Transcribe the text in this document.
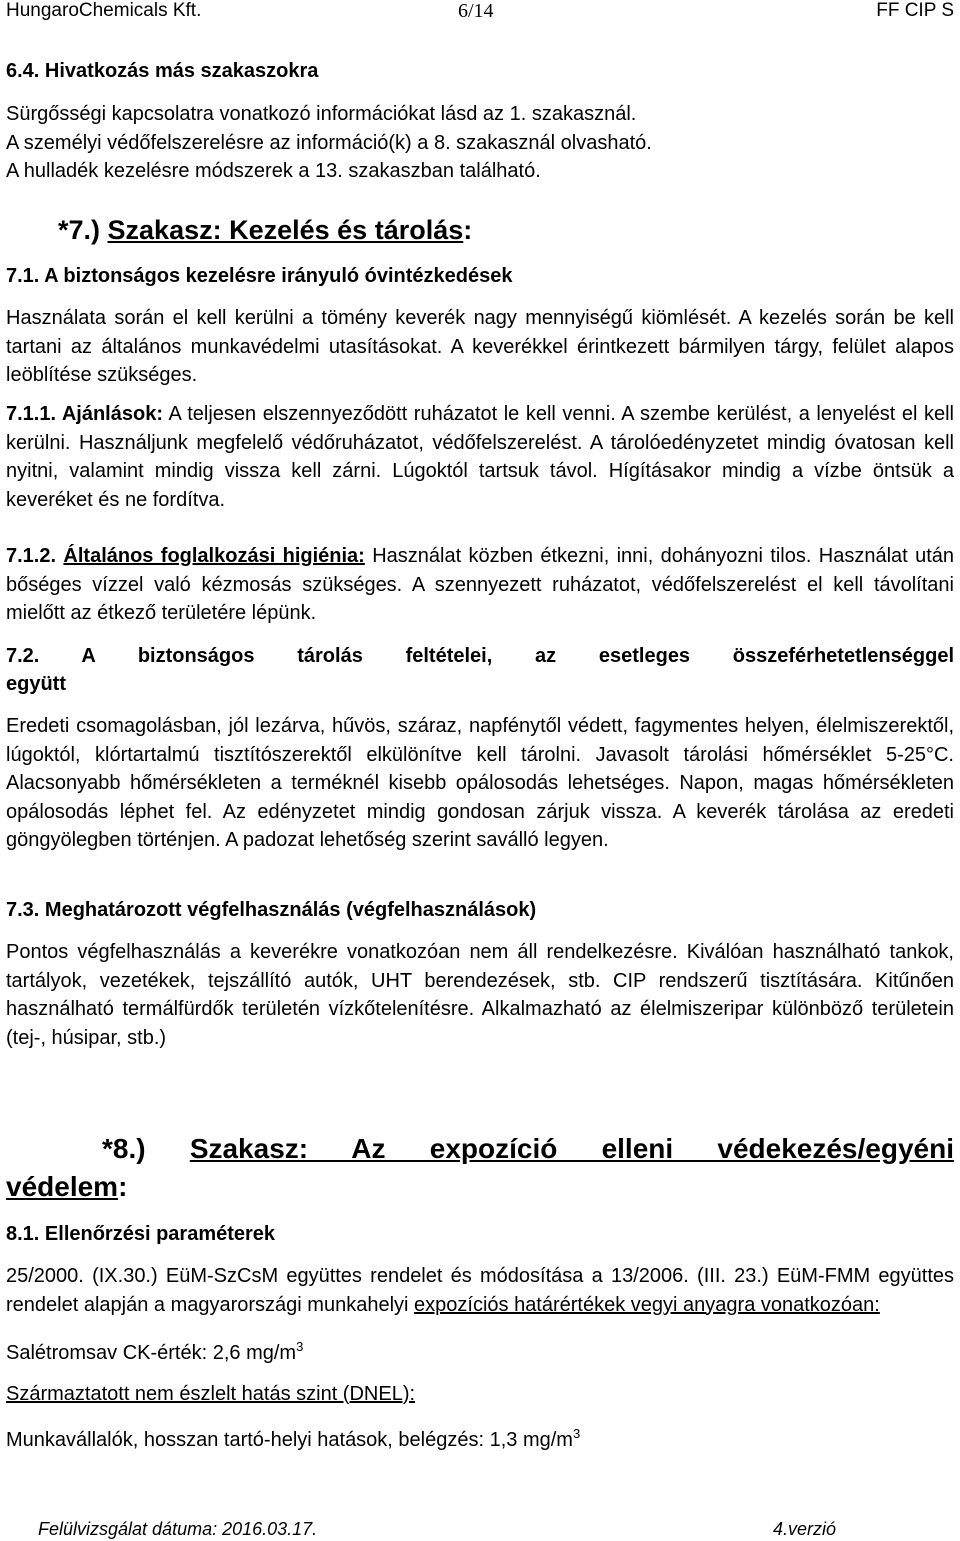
HungaroChemicals Kft.	6/14	FF CIP S

6.4. Hivatkozás más szakaszokra

Sürgősségi kapcsolatra vonatkozó információkat lásd az 1. szakasznál.

A személyi védőfelszerelésre az információ(k) a 8. szakasznál olvasható.

A hulladék kezelésre módszerek a 13. szakaszban található.

*7.) Szakasz: Kezelés és tárolás:

7.1. A biztonságos kezelésre irányuló óvintézkedések

Használata során el kell kerülni a tömény keverék nagy mennyiségű kiömlését. A kezelés során be kell tartani az általános munkavédelmi utasításokat. A keverékkel érintkezett bármilyen tárgy, felület alapos leöblítése szükséges.

7.1.1. Ajánlások: A teljesen elszennyeződött ruházatot le kell venni. A szembe kerülést, a lenyelést el kell kerülni. Használjunk megfelelő védőruházatot, védőfelszerelést. A tárolóedényzetet mindig óvatosan kell nyitni, valamint mindig vissza kell zárni. Lúgoktól tartsuk távol. Hígításakor mindig a vízbe öntsük a keveréket és ne fordítva.

7.1.2. Általános foglalkozási higiénia: Használat közben étkezni, inni, dohányozni tilos. Használat után bőséges vízzel való kézmosás szükséges. A szennyezett ruházatot, védőfelszerelést el kell távolítani mielőtt az étkező területére lépünk.

7.2. A biztonságos tárolás feltételei, az esetleges összeférhetetlenséggel

együtt

Eredeti csomagolásban, jól lezárva, hűvös, száraz, napfénytől védett, fagymentes helyen, élelmiszerektől, lúgoktól, klórtartalmú tisztítószerektől elkülönítve kell tárolni. Javasolt tárolási hőmérséklet 5-25°C. Alacsonyabb hőmérsékleten a terméknél kisebb opálosodás lehetséges. Napon, magas hőmérsékleten opálosodás léphet fel. Az edényzetet mindig gondosan zárjuk vissza. A keverék tárolása az eredeti göngyölegben történjen. A padozat lehetőség szerint saválló legyen.

7.3. Meghatározott végfelhasználás (végfelhasználások)

Pontos végfelhasználás a keverékre vonatkozóan nem áll rendelkezésre. Kiválóan használható tankok, tartályok, vezetékek, tejszállító autók, UHT berendezések, stb. CIP rendszerű tisztítására. Kitűnően használható termálfürdők területén vízkőtelenítésre. Alkalmazható az élelmiszeripar különböző területein (tej-, húsipar, stb.)

*8.) Szakasz: Az expozíció elleni védekezés/egyéni

védelem:

8.1. Ellenőrzési paraméterek

25/2000. (IX.30.) EüM-SzCsM együttes rendelet és módosítása a 13/2006. (III. 23.) EüM-FMM együttes rendelet alapján a magyarországi munkahelyi expozíciós határértékek vegyi anyagra vonatkozóan:

Salétromsav CK-érték: 2,6 $mg/m^3$

Származtatott nem észlelt hatás szint (DNEL):

Munkavállalók, hosszan tartó-helyi hatások, belégzés: 1,3 $mg/m^3$

Felülvizsgálat dátuma: 2016.03.17.	4.verzió
